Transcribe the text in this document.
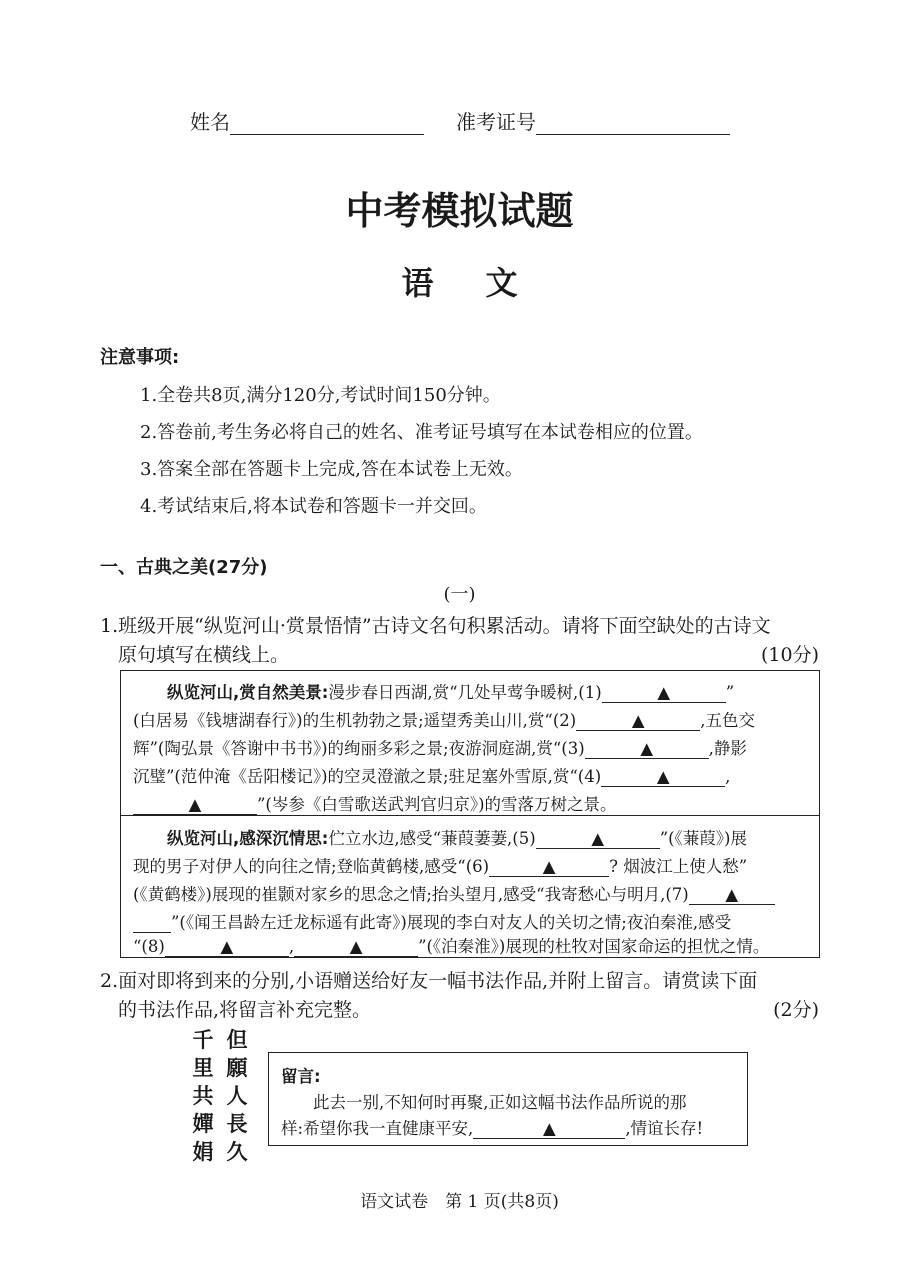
姓名	准考证号
中考模拟试题
语 文
注意事项:
1.全卷共8页,满分120分,考试时间150分钟。
2.答卷前,考生务必将自己的姓名、准考证号填写在本试卷相应的位置。
3.答案全部在答题卡上完成,答在本试卷上无效。
4.考试结束后,将本试卷和答题卡一并交回。
一、古典之美(27分)
(一)
1.班级开展“纵览河山·赏景悟情”古诗文名句积累活动。请将下面空缺处的古诗文
原句填写在横线上。	(10分)
纵览河山,赏自然美景:漫步春日西湖,赏“几处早莺争暖树,(1)	▲	”
(白居易《钱塘湖春行》)的生机勃勃之景;遥望秀美山川,赏“(2)	▲	,五色交
辉”(陶弘景《答谢中书书》)的绚丽多彩之景;夜游洞庭湖,赏“(3)	▲	,静影
沉璧”(范仲淹《岳阳楼记》)的空灵澄澈之景;驻足塞外雪原,赏“(4)	▲	,
▲	”(岑参《白雪歌送武判官归京》)的雪落万树之景。
纵览河山,感深沉情思:伫立水边,感受“蒹葭萋萋,(5)	▲	”(《蒹葭》)展
现的男子对伊人的向往之情;登临黄鹤楼,感受“(6)	▲	? 烟波江上使人愁”
(《黄鹤楼》)展现的崔颢对家乡的思念之情;抬头望月,感受“我寄愁心与明月,(7) ▲
”(《闻王昌龄左迁龙标遥有此寄》)展现的李白对友人的关切之情;夜泊秦淮,感受
“(8)	▲	,	▲	”(《泊秦淮》)展现的杜牧对国家命运的担忧之情。
2.面对即将到来的分别,小语赠送给好友一幅书法作品,并附上留言。请赏读下面
的书法作品,将留言补充完整。	(2分)
但
願
人
長
久
千
里
共
嬋
娟
留言:
此去一别,不知何时再聚,正如这幅书法作品所说的那
样:希望你我一直健康平安,	▲	,情谊长存!
语文试卷　第 1 页(共8页)
